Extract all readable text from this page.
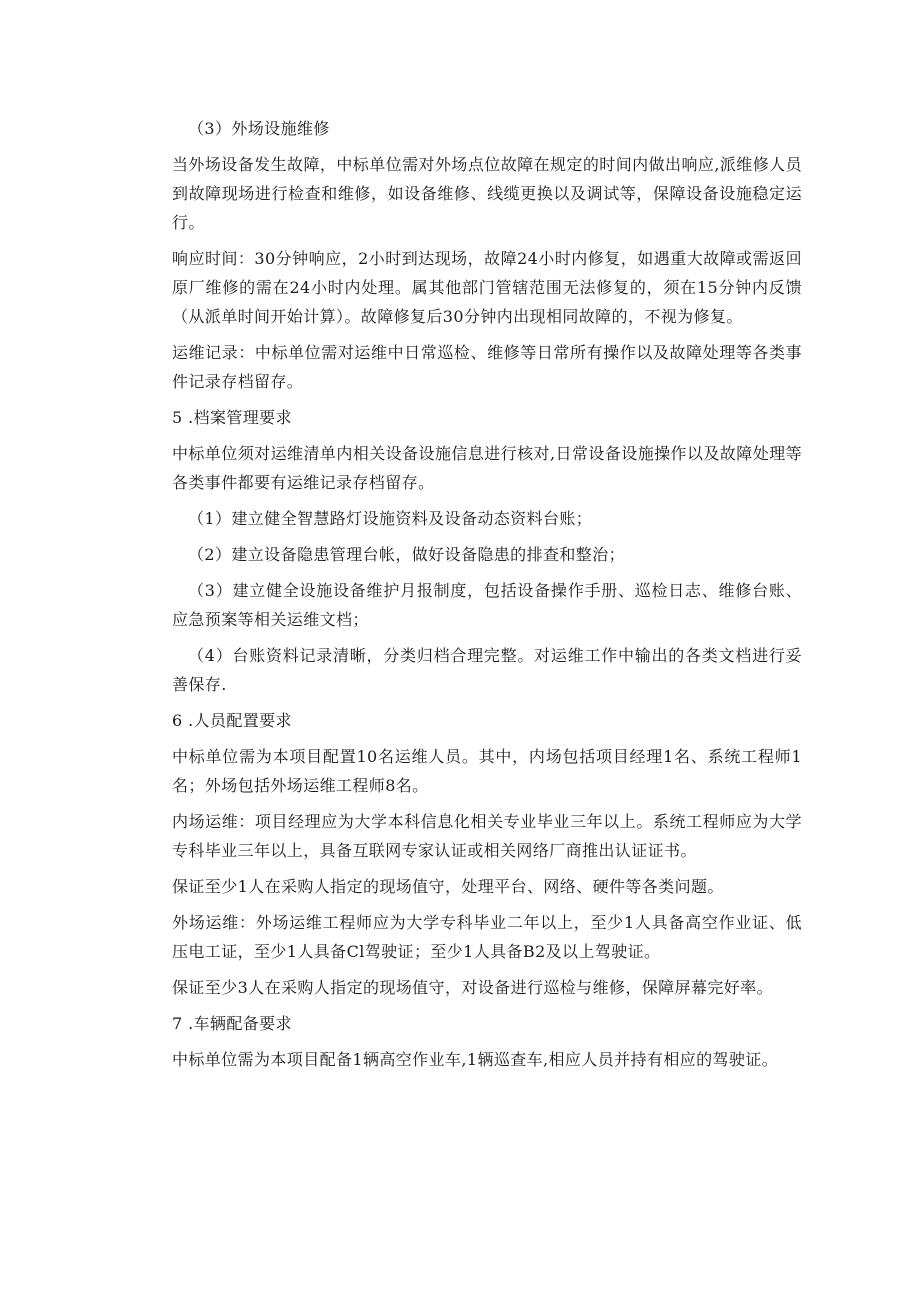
（3）外场设施维修

当外场设备发生故障，中标单位需对外场点位故障在规定的时间内做出响应,派维修人员到故障现场进行检查和维修，如设备维修、线缆更换以及调试等，保障设备设施稳定运行。

响应时间：30分钟响应，2小时到达现场，故障24小时内修复，如遇重大故障或需返回原厂维修的需在24小时内处理。属其他部门管辖范围无法修复的，须在15分钟内反馈（从派单时间开始计算）。故障修复后30分钟内出现相同故障的，不视为修复。

运维记录：中标单位需对运维中日常巡检、维修等日常所有操作以及故障处理等各类事件记录存档留存。

5 .档案管理要求

中标单位须对运维清单内相关设备设施信息进行核对,日常设备设施操作以及故障处理等各类事件都要有运维记录存档留存。

（1）建立健全智慧路灯设施资料及设备动态资料台账；

（2）建立设备隐患管理台帐，做好设备隐患的排查和整治；

（3）建立健全设施设备维护月报制度，包括设备操作手册、巡检日志、维修台账、应急预案等相关运维文档；

（4）台账资料记录清晰，分类归档合理完整。对运维工作中输出的各类文档进行妥善保存.

6 .人员配置要求

中标单位需为本项目配置10名运维人员。其中，内场包括项目经理1名、系统工程师1名；外场包括外场运维工程师8名。

内场运维：项目经理应为大学本科信息化相关专业毕业三年以上。系统工程师应为大学专科毕业三年以上，具备互联网专家认证或相关网络厂商推出认证证书。

保证至少1人在采购人指定的现场值守，处理平台、网络、硬件等各类问题。

外场运维：外场运维工程师应为大学专科毕业二年以上，至少1人具备高空作业证、低压电工证，至少1人具备Cl驾驶证；至少1人具备B2及以上驾驶证。

保证至少3人在采购人指定的现场值守，对设备进行巡检与维修，保障屏幕完好率。

7 .车辆配备要求

中标单位需为本项目配备1辆高空作业车,1辆巡查车,相应人员并持有相应的驾驶证。
